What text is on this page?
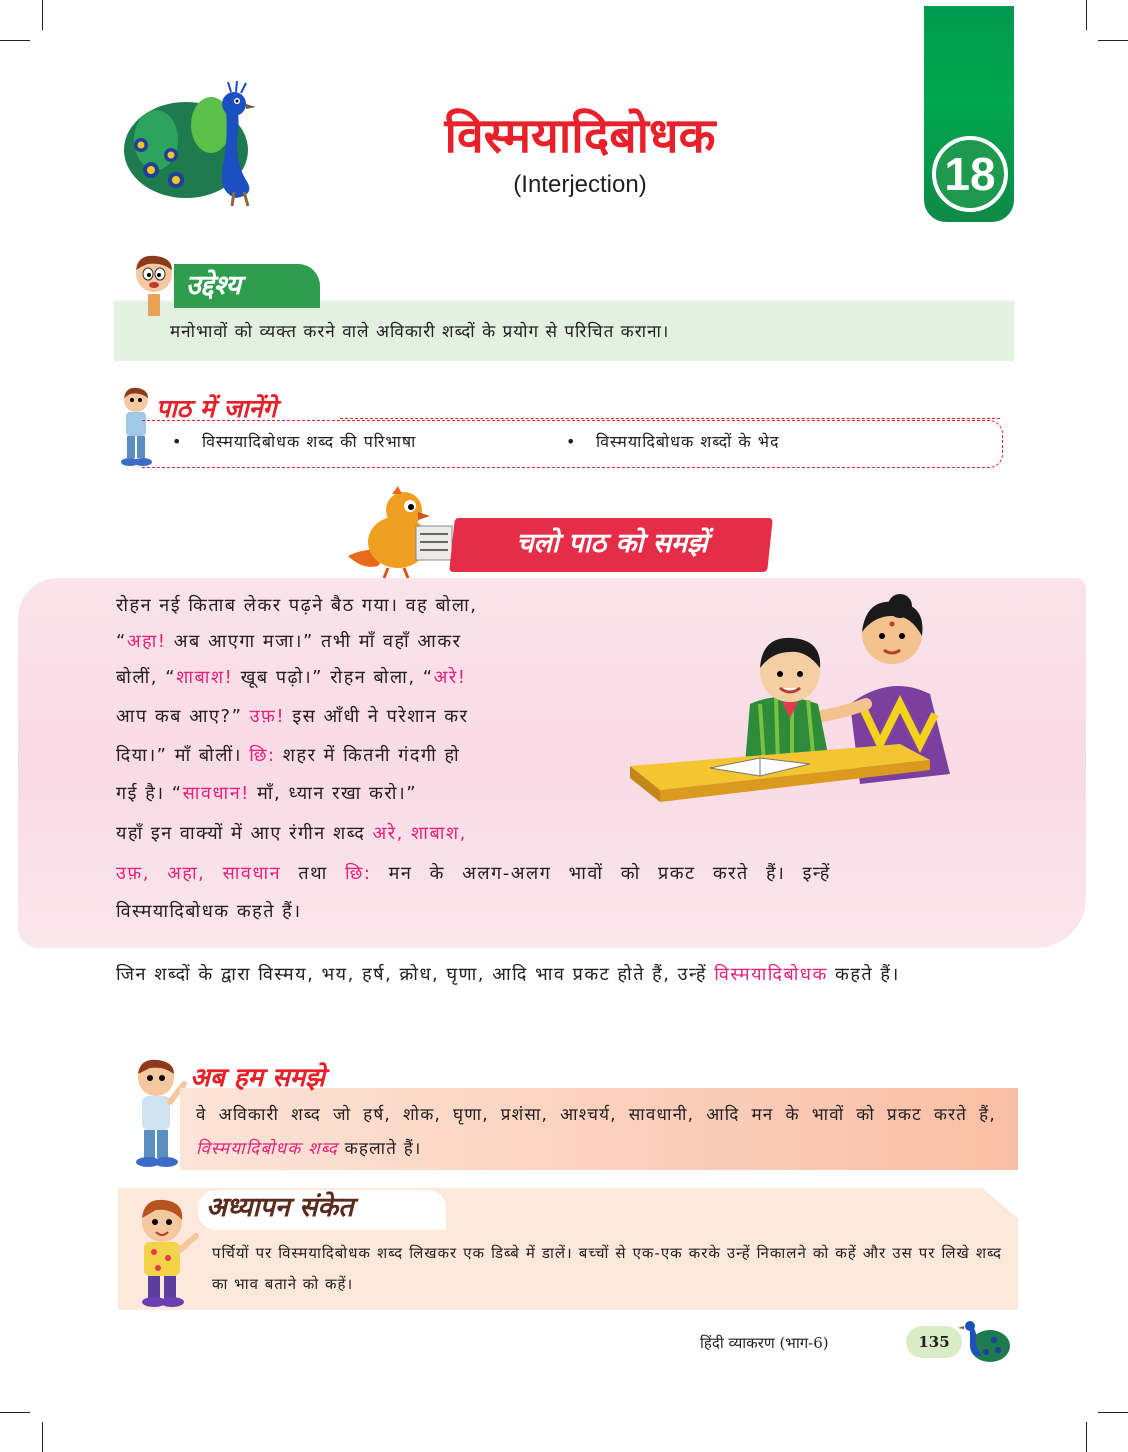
विस्मयादिबोधक
(Interjection)	18
उद्देश्य
मनोभावों को व्यक्त करने वाले अविकारी शब्दों के प्रयोग से परिचित कराना।
पाठ में जानेंगे
• विस्मयादिबोधक शब्द की परिभाषा	• विस्मयादिबोधक शब्दों के भेद
चलो पाठ को समझें
रोहन नई किताब लेकर पढ़ने बैठ गया। वह बोला,
“अहा! अब आएगा मजा।” तभी माँ वहाँ आकर
बोलीं, “शाबाश! खूब पढ़ो।” रोहन बोला, “अरे!
आप कब आए?” उफ़! इस आँधी ने परेशान कर
दिया।” माँ बोलीं। छि: शहर में कितनी गंदगी हो
गई है। “सावधान! माँ, ध्यान रखा करो।”
यहाँ इन वाक्यों में आए रंगीन शब्द अरे, शाबाश,
उफ़, अहा, सावधान तथा छि: मन के अलग-अलग भावों को प्रकट करते हैं। इन्हें
विस्मयादिबोधक कहते हैं।
जिन शब्दों के द्वारा विस्मय, भय, हर्ष, क्रोध, घृणा, आदि भाव प्रकट होते हैं, उन्हें विस्मयादिबोधक कहते हैं।
अब हम समझे
वे अविकारी शब्द जो हर्ष, शोक, घृणा, प्रशंसा, आश्चर्य, सावधानी, आदि मन के भावों को प्रकट करते हैं, विस्मयादिबोधक शब्द कहलाते हैं।
अध्यापन संकेत
पर्चियों पर विस्मयादिबोधक शब्द लिखकर एक डिब्बे में डालें। बच्चों से एक-एक करके उन्हें निकालने को कहें और उस पर लिखे शब्द का भाव बताने को कहें।
हिंदी व्याकरण (भाग-6)	135
